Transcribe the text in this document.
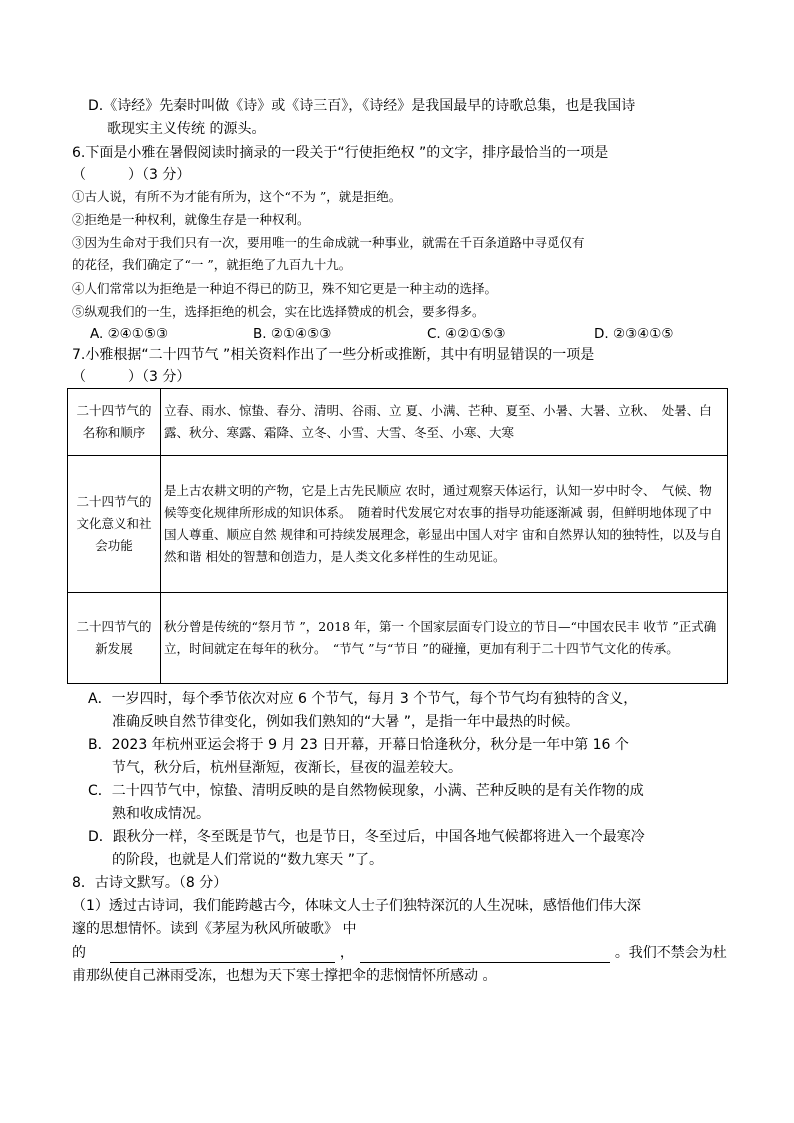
D.《诗经》先秦时叫做《诗》或《诗三百》，《诗经》是我国最早的诗歌总集，也是我国诗
歌现实主义传统 的源头。
6.下面是小雅在暑假阅读时摘录的一段关于“行使拒绝权 ”的文字，排序最恰当的一项是
（　　　）（3 分）
①古人说，有所不为才能有所为，这个“不为 ”，就是拒绝。
②拒绝是一种权利，就像生存是一种权利。
③因为生命对于我们只有一次，要用唯一的生命成就一种事业，就需在千百条道路中寻觅仅有
的花径，我们确定了“一 ”，就拒绝了九百九十九。
④人们常常以为拒绝是一种迫不得已的防卫，殊不知它更是一种主动的选择。
⑤纵观我们的一生，选择拒绝的机会，实在比选择赞成的机会，要多得多。
A. ②④①⑤③	B. ②①④⑤③	C. ④②①⑤③	D. ②③④①⑤
7.小雅根据“二十四节气 ”相关资料作出了一些分析或推断，其中有明显错误的一项是
（　　　）（3 分）
二十四节气的名称和顺序	立春、雨水、惊蛰、春分、清明、谷雨、立 夏、小满、芒种、夏至、小暑、大暑、立秋、　处暑、白露、秋分、寒露、霜降、立冬、小雪、大雪、冬至、小寒、大寒
二十四节气的文化意义和社会功能	是上古农耕文明的产物，它是上古先民顺应 农时，通过观察天体运行，认知一岁中时令、　气候、物候等变化规律所形成的知识体系。　随着时代发展它对农事的指导功能逐渐减 弱，但鲜明地体现了中国人尊重、顺应自然 规律和可持续发展理念，彰显出中国人对宇 宙和自然界认知的独特性，以及与自然和谐 相处的智慧和创造力，是人类文化多样性的生动见证。
二十四节气的新发展	秋分曾是传统的“祭月节 ”，2018 年，第一 个国家层面专门设立的节日—“中国农民丰 收节 ”正式确立，时间就定在每年的秋分。　“节气 ”与“节日 ”的碰撞，更加有利于二十四节气文化的传承。
A．一岁四时，每个季节依次对应 6 个节气，每月 3 个节气，每个节气均有独特的含义，
准确反映自然节律变化，例如我们熟知的“大暑 ”，是指一年中最热的时候。
B．2023 年杭州亚运会将于 9 月 23 日开幕，开幕日恰逢秋分，秋分是一年中第 16 个
节气，秋分后，杭州昼渐短，夜渐长，昼夜的温差较大。
C．二十四节气中，惊蛰、清明反映的是自然物候现象，小满、芒种反映的是有关作物的成
熟和收成情况。
D．跟秋分一样，冬至既是节气，也是节日，冬至过后，中国各地气候都将进入一个最寒冷
的阶段，也就是人们常说的“数九寒天 ”了。
8．古诗文默写。（8 分）
（1）透过古诗词，我们能跨越古今，体味文人士子们独特深沉的人生况味，感悟他们伟大深
邃的思想情怀。读到《茅屋为秋风所破歌》 中
的	，	。我们不禁会为杜
甫那纵使自己淋雨受冻，也想为天下寒士撑把伞的悲悯情怀所感动 。
